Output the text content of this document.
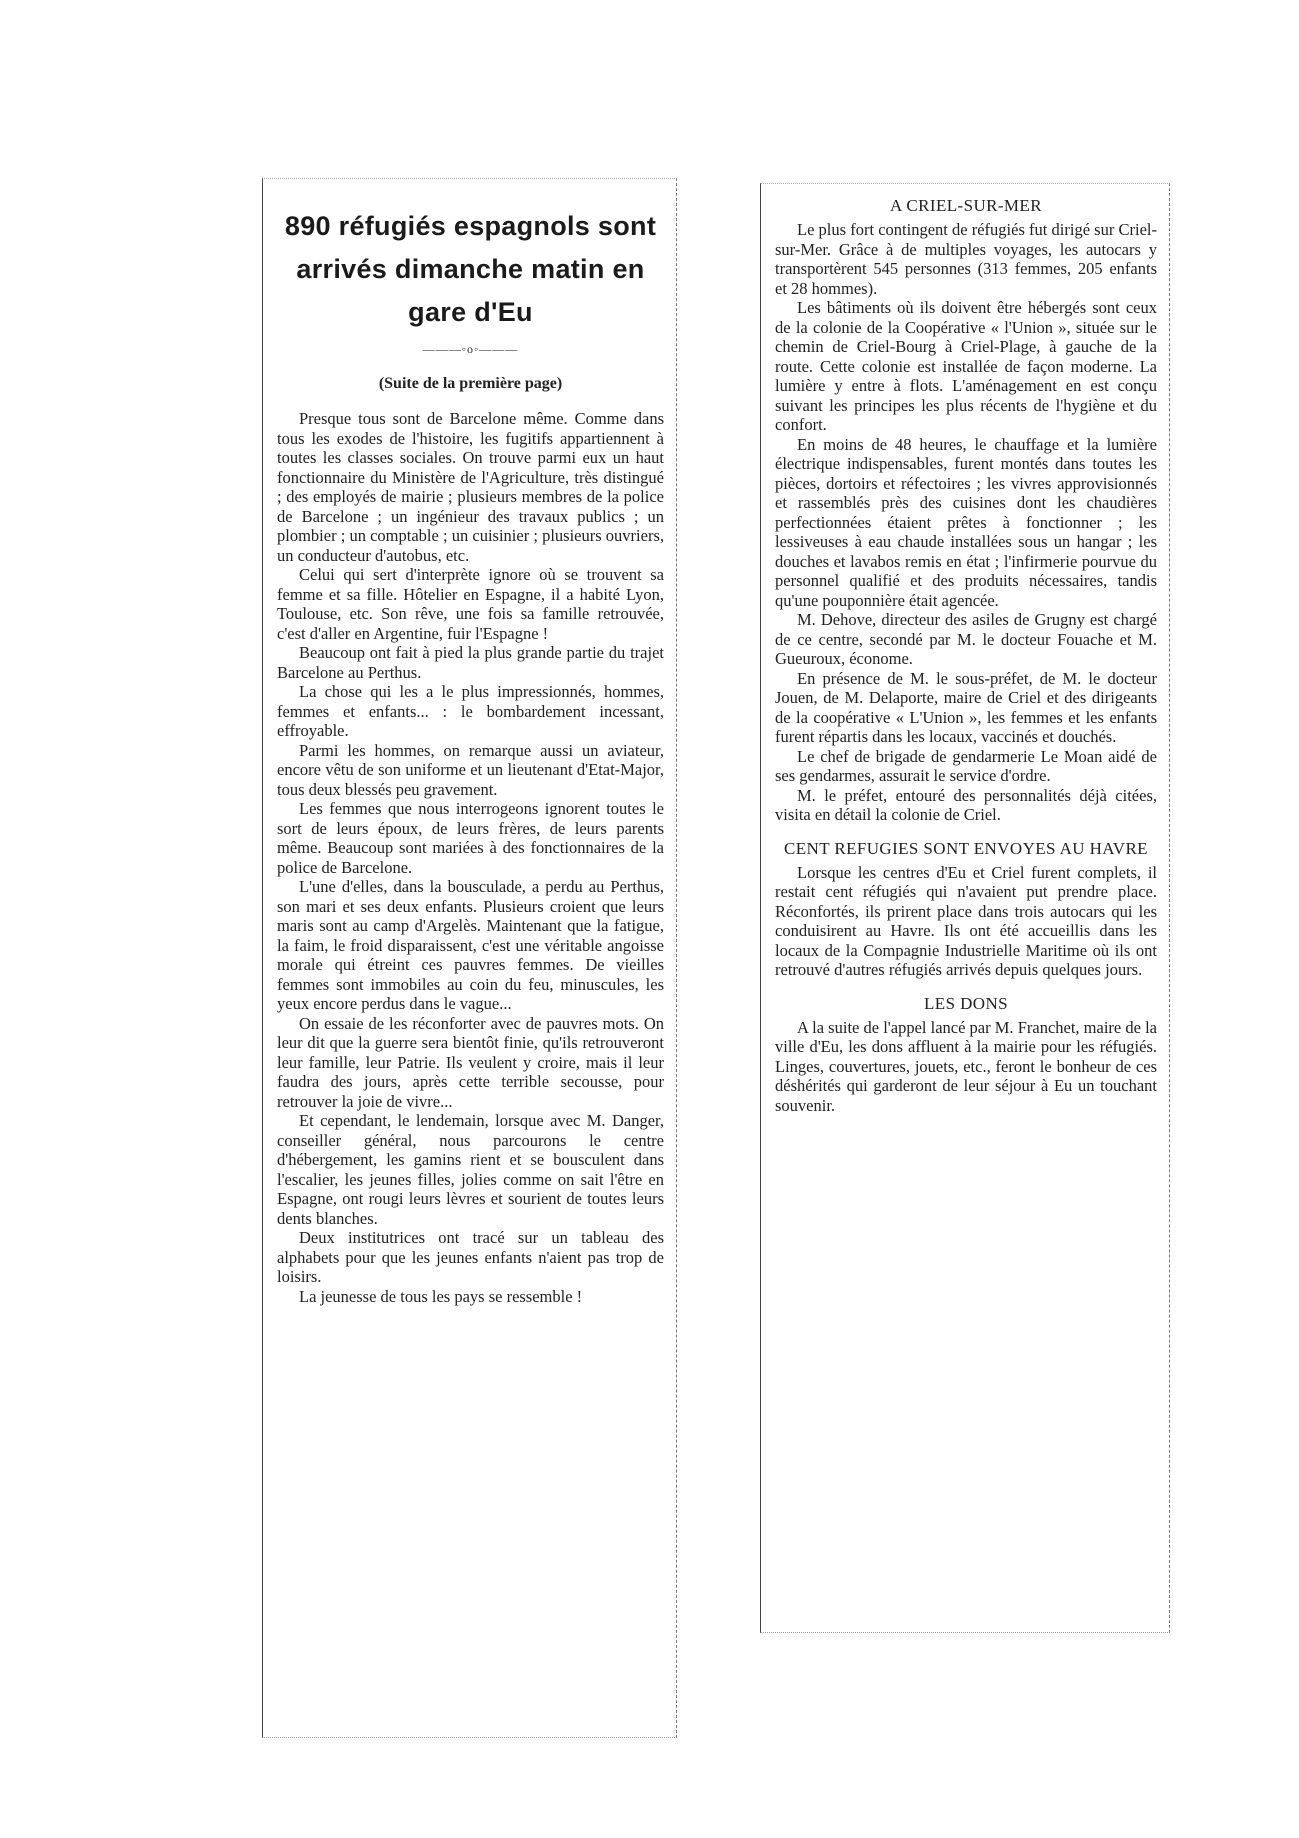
890 réfugiés espagnols sont arrivés dimanche matin en gare d'Eu
———◦o◦———
(Suite de la première page)

Presque tous sont de Barcelone même. Comme dans tous les exodes de l'histoire, les fugitifs appartiennent à toutes les classes sociales. On trouve parmi eux un haut fonctionnaire du Ministère de l'Agriculture, très distingué ; des employés de mairie ; plusieurs membres de la police de Barcelone ; un ingénieur des travaux publics ; un plombier ; un comptable ; un cuisinier ; plusieurs ouvriers, un conducteur d'autobus, etc.

Celui qui sert d'interprète ignore où se trouvent sa femme et sa fille. Hôtelier en Espagne, il a habité Lyon, Toulouse, etc. Son rêve, une fois sa famille retrouvée, c'est d'aller en Argentine, fuir l'Espagne !

Beaucoup ont fait à pied la plus grande partie du trajet Barcelone au Perthus.

La chose qui les a le plus impressionnés, hommes, femmes et enfants... : le bombardement incessant, effroyable.

Parmi les hommes, on remarque aussi un aviateur, encore vêtu de son uniforme et un lieutenant d'Etat-Major, tous deux blessés peu gravement.

Les femmes que nous interrogeons ignorent toutes le sort de leurs époux, de leurs frères, de leurs parents même. Beaucoup sont mariées à des fonctionnaires de la police de Barcelone.

L'une d'elles, dans la bousculade, a perdu au Perthus, son mari et ses deux enfants. Plusieurs croient que leurs maris sont au camp d'Argelès. Maintenant que la fatigue, la faim, le froid disparaissent, c'est une véritable angoisse morale qui étreint ces pauvres femmes. De vieilles femmes sont immobiles au coin du feu, minuscules, les yeux encore perdus dans le vague...

On essaie de les réconforter avec de pauvres mots. On leur dit que la guerre sera bientôt finie, qu'ils retrouveront leur famille, leur Patrie. Ils veulent y croire, mais il leur faudra des jours, après cette terrible secousse, pour retrouver la joie de vivre...

Et cependant, le lendemain, lorsque avec M. Danger, conseiller général, nous parcourons le centre d'hébergement, les gamins rient et se bousculent dans l'escalier, les jeunes filles, jolies comme on sait l'être en Espagne, ont rougi leurs lèvres et sourient de toutes leurs dents blanches.

Deux institutrices ont tracé sur un tableau des alphabets pour que les jeunes enfants n'aient pas trop de loisirs.

La jeunesse de tous les pays se ressemble !

A CRIEL-SUR-MER

Le plus fort contingent de réfugiés fut dirigé sur Criel-sur-Mer. Grâce à de multiples voyages, les autocars y transportèrent 545 personnes (313 femmes, 205 enfants et 28 hommes).

Les bâtiments où ils doivent être hébergés sont ceux de la colonie de la Coopérative « l'Union », située sur le chemin de Criel-Bourg à Criel-Plage, à gauche de la route. Cette colonie est installée de façon moderne. La lumière y entre à flots. L'aménagement en est conçu suivant les principes les plus récents de l'hygiène et du confort.

En moins de 48 heures, le chauffage et la lumière électrique indispensables, furent montés dans toutes les pièces, dortoirs et réfectoires ; les vivres approvisionnés et rassemblés près des cuisines dont les chaudières perfectionnées étaient prêtes à fonctionner ; les lessiveuses à eau chaude installées sous un hangar ; les douches et lavabos remis en état ; l'infirmerie pourvue du personnel qualifié et des produits nécessaires, tandis qu'une pouponnière était agencée.

M. Dehove, directeur des asiles de Grugny est chargé de ce centre, secondé par M. le docteur Fouache et M. Gueuroux, économe.

En présence de M. le sous-préfet, de M. le docteur Jouen, de M. Delaporte, maire de Criel et des dirigeants de la coopérative « L'Union », les femmes et les enfants furent répartis dans les locaux, vaccinés et douchés.

Le chef de brigade de gendarmerie Le Moan aidé de ses gendarmes, assurait le service d'ordre.

M. le préfet, entouré des personnalités déjà citées, visita en détail la colonie de Criel.

CENT REFUGIES SONT ENVOYES AU HAVRE

Lorsque les centres d'Eu et Criel furent complets, il restait cent réfugiés qui n'avaient put prendre place. Réconfortés, ils prirent place dans trois autocars qui les conduisirent au Havre. Ils ont été accueillis dans les locaux de la Compagnie Industrielle Maritime où ils ont retrouvé d'autres réfugiés arrivés depuis quelques jours.

LES DONS

A la suite de l'appel lancé par M. Franchet, maire de la ville d'Eu, les dons affluent à la mairie pour les réfugiés. Linges, couvertures, jouets, etc., feront le bonheur de ces déshérités qui garderont de leur séjour à Eu un touchant souvenir.
